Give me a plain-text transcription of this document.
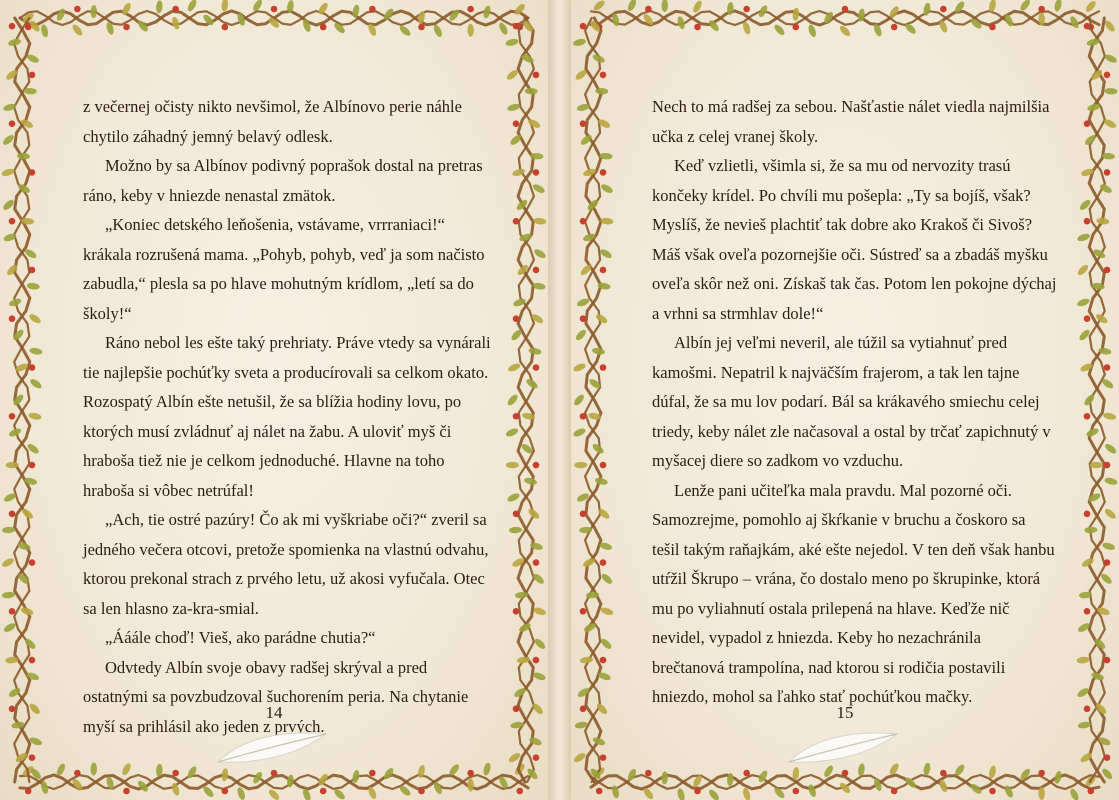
z večernej očisty nikto nevšimol, že Albínovo perie náhle chytilo záhadný jemný belavý odlesk.

Možno by sa Albínov podivný poprašok dostal na pretras ráno, keby v hniezde nenastal zmätok.

„Koniec detského leňošenia, vstávame, vrrraniaci!“ krákala rozrušená mama. „Pohyb, pohyb, veď ja som načisto zabudla,“ plesla sa po hlave mohutným krídlom, „letí sa do školy!“

Ráno nebol les ešte taký prehriaty. Práve vtedy sa vynárali tie najlepšie pochúťky sveta a producírovali sa celkom okato. Rozospatý Albín ešte netušil, že sa blížia hodiny lovu, po ktorých musí zvládnuť aj nálet na žabu. A uloviť myš či hraboša tiež nie je celkom jednoduché. Hlavne na toho hraboša si vôbec netrúfal!

„Ach, tie ostré pazúry! Čo ak mi vyškriabe oči?“ zveril sa jedného večera otcovi, pretože spomienka na vlastnú odvahu, ktorou prekonal strach z prvého letu, už akosi vyfučala. Otec sa len hlasno za-kra-smial.

„Ááále choď! Vieš, ako parádne chutia?“

Odvtedy Albín svoje obavy radšej skrýval a pred ostatnými sa povzbudzoval šuchorením peria. Na chytanie myší sa prihlásil ako jeden z prvých.

14

Nech to má radšej za sebou. Našťastie nálet viedla najmilšia učka z celej vranej školy.

Keď vzlietli, všimla si, že sa mu od nervozity trasú končeky krídel. Po chvíli mu pošepla: „Ty sa bojíš, však? Myslíš, že nevieš plachtiť tak dobre ako Krakoš či Sivoš? Máš však oveľa pozornejšie oči. Sústreď sa a zbadáš myšku oveľa skôr než oni. Získaš tak čas. Potom len pokojne dýchaj a vrhni sa strmhlav dole!“

Albín jej veľmi neveril, ale túžil sa vytiahnuť pred kamošmi. Nepatril k najväčším frajerom, a tak len tajne dúfal, že sa mu lov podarí. Bál sa krákavého smiechu celej triedy, keby nálet zle načasoval a ostal by trčať zapichnutý v myšacej diere so zadkom vo vzduchu.

Lenže pani učiteľka mala pravdu. Mal pozorné oči. Samozrejme, pomohlo aj škŕkanie v bruchu a čoskoro sa tešil takým raňajkám, aké ešte nejedol. V ten deň však hanbu utŕžil Škrupo – vrána, čo dostalo meno po škrupinke, ktorá mu po vyliahnutí ostala prilepená na hlave. Keďže nič nevidel, vypadol z hniezda. Keby ho nezachránila brečtanová trampolína, nad ktorou si rodičia postavili hniezdo, mohol sa ľahko stať pochúťkou mačky.

15
